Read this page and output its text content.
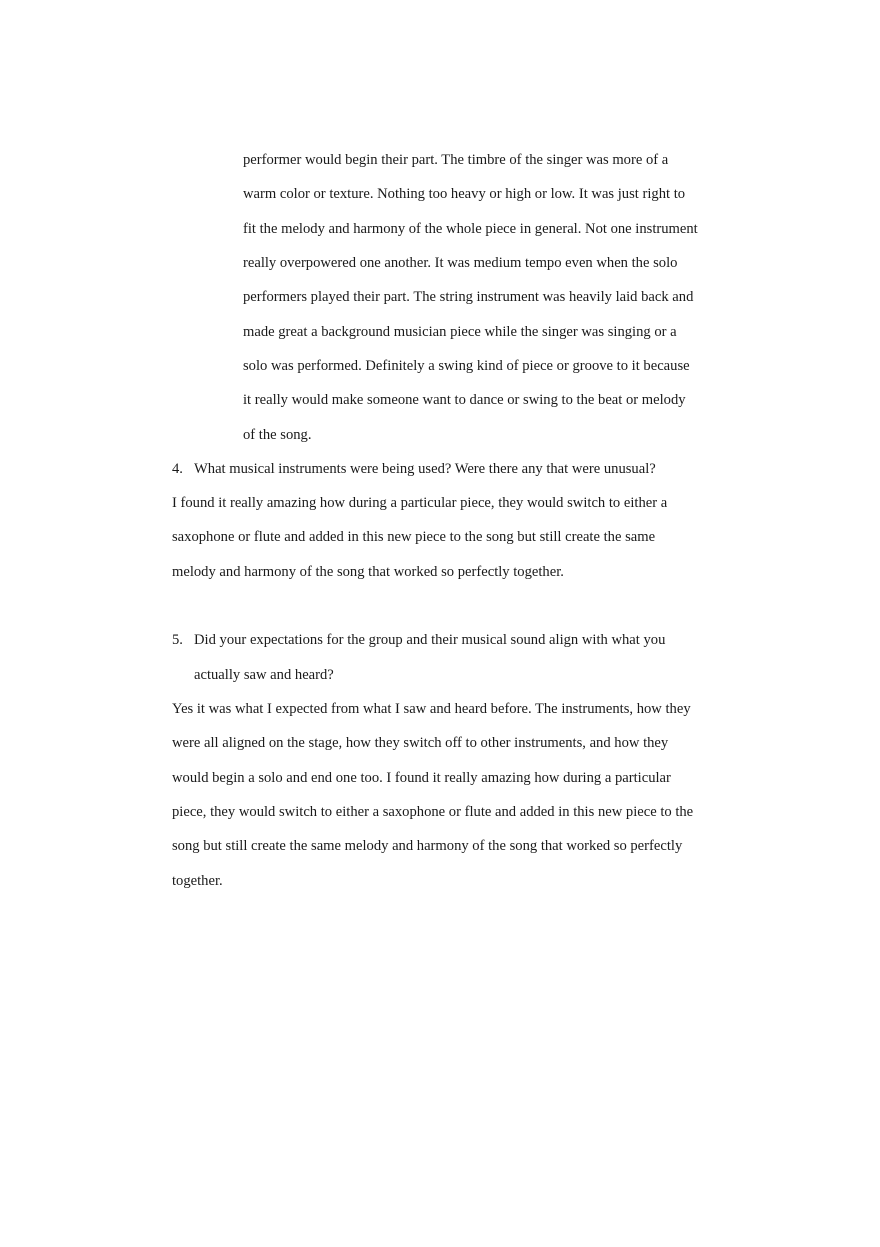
performer would begin their part. The timbre of the singer was more of a
warm color or texture. Nothing too heavy or high or low. It was just right to
fit the melody and harmony of the whole piece in general. Not one instrument
really overpowered one another. It was medium tempo even when the solo
performers played their part. The string instrument was heavily laid back and
made great a background musician piece while the singer was singing or a
solo was performed. Definitely a swing kind of piece or groove to it because
it really would make someone want to dance or swing to the beat or melody
of the song.
4. What musical instruments were being used? Were there any that were unusual?
I found it really amazing how during a particular piece, they would switch to either a
saxophone or flute and added in this new piece to the song but still create the same
melody and harmony of the song that worked so perfectly together.
5. Did your expectations for the group and their musical sound align with what you
actually saw and heard?
Yes it was what I expected from what I saw and heard before. The instruments, how they
were all aligned on the stage, how they switch off to other instruments, and how they
would begin a solo and end one too. I found it really amazing how during a particular
piece, they would switch to either a saxophone or flute and added in this new piece to the
song but still create the same melody and harmony of the song that worked so perfectly
together.
